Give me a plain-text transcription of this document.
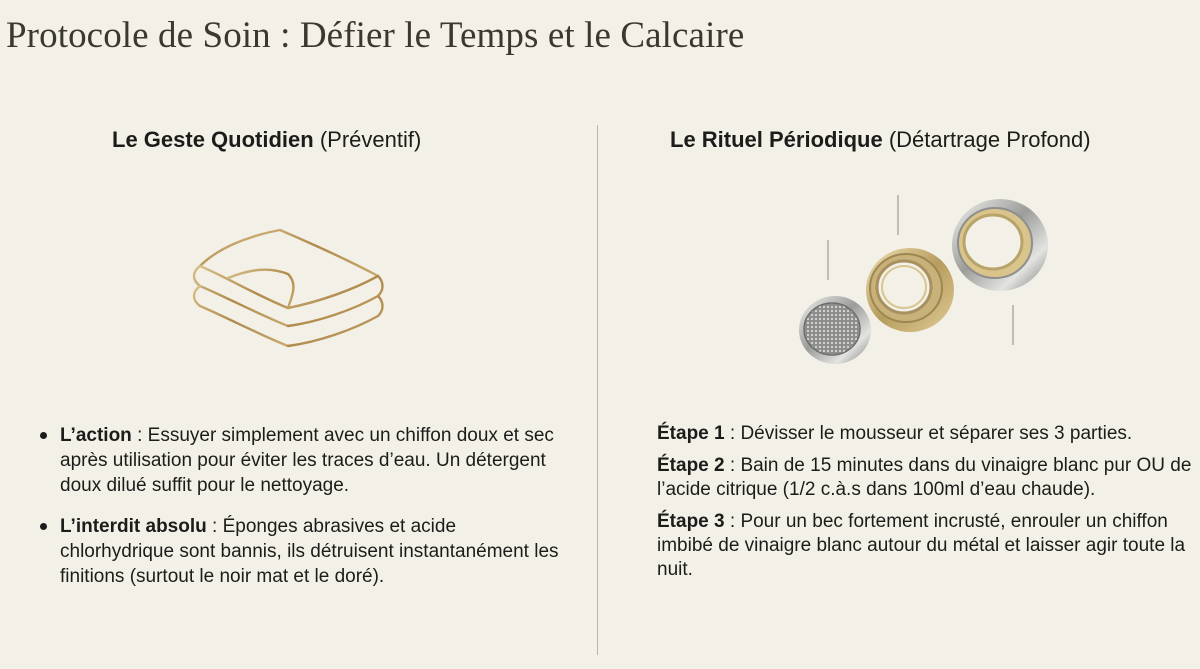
Protocole de Soin : Défier le Temps et le Calcaire
Le Geste Quotidien (Préventif)	Le Rituel Périodique (Détartrage Profond)
L’action : Essuyer simplement avec un chiffon doux et sec après utilisation pour éviter les traces d’eau. Un détergent doux dilué suffit pour le nettoyage.
L’interdit absolu : Éponges abrasives et acide chlorhydrique sont bannis, ils détruisent instantanément les finitions (surtout le noir mat et le doré).
Étape 1 : Dévisser le mousseur et séparer ses 3 parties.
Étape 2 : Bain de 15 minutes dans du vinaigre blanc pur OU de l’acide citrique (1/2 c.à.s dans 100ml d’eau chaude).
Étape 3 : Pour un bec fortement incrusté, enrouler un chiffon imbibé de vinaigre blanc autour du métal et laisser agir toute la nuit.
